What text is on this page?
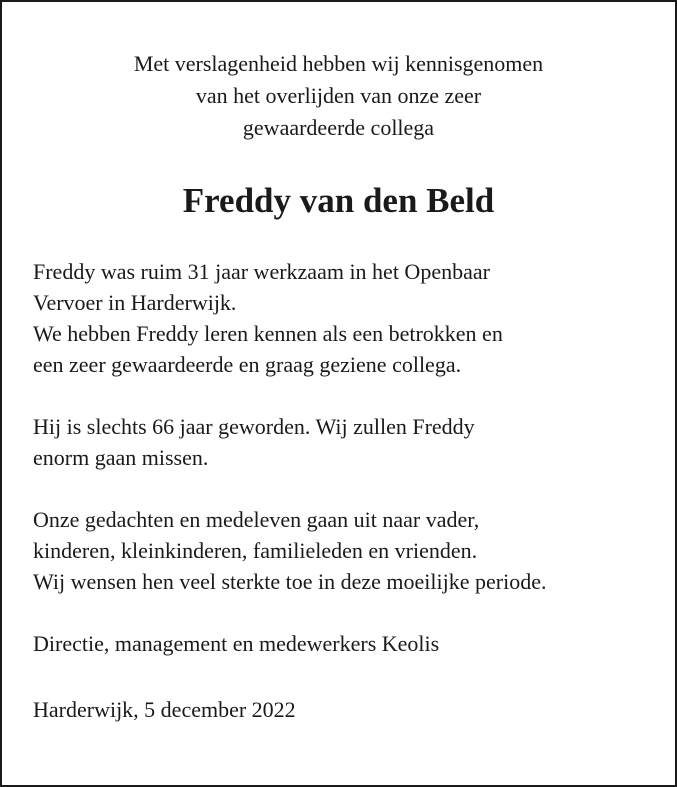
Met verslagenheid hebben wij kennisgenomen
van het overlijden van onze zeer
gewaardeerde collega
Freddy van den Beld
Freddy was ruim 31 jaar werkzaam in het Openbaar
Vervoer in Harderwijk.
We hebben Freddy leren kennen als een betrokken en
een zeer gewaardeerde en graag geziene collega.
Hij is slechts 66 jaar geworden. Wij zullen Freddy
enorm gaan missen.
Onze gedachten en medeleven gaan uit naar vader,
kinderen, kleinkinderen, familieleden en vrienden.
Wij wensen hen veel sterkte toe in deze moeilijke periode.
Directie, management en medewerkers Keolis
Harderwijk, 5 december 2022
